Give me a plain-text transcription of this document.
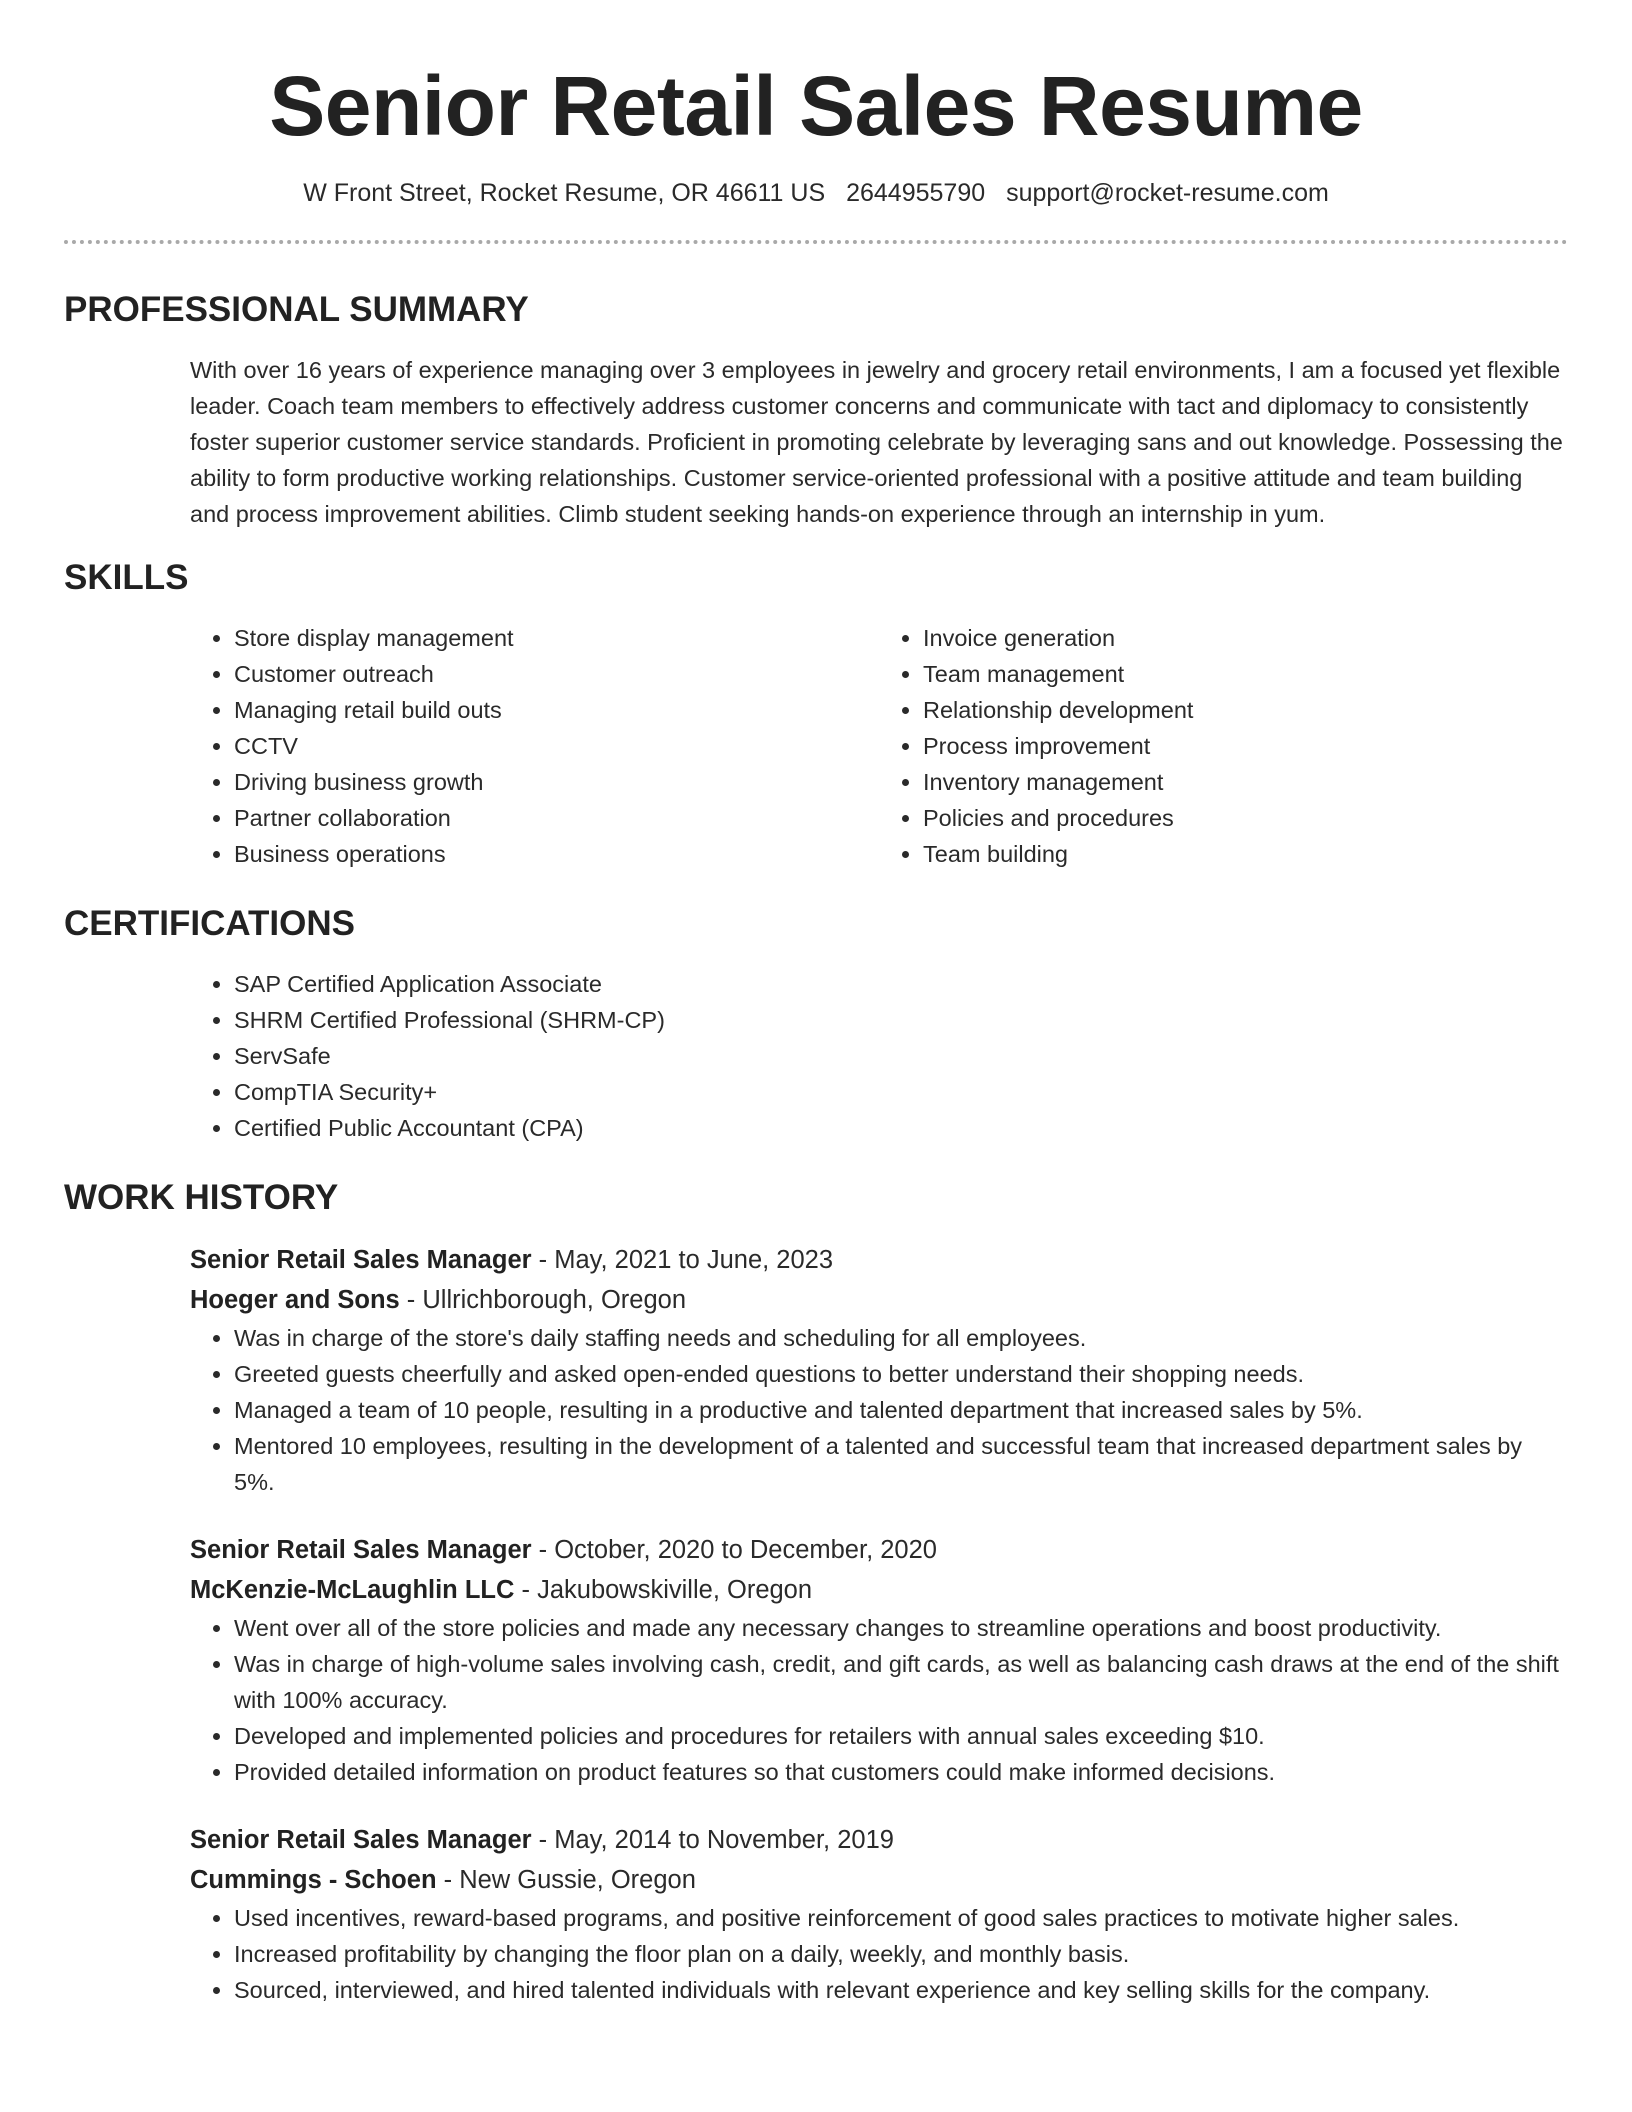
Senior Retail Sales Resume
W Front Street, Rocket Resume, OR 46611 US 2644955790 support@rocket-resume.com
PROFESSIONAL SUMMARY

With over 16 years of experience managing over 3 employees in jewelry and grocery retail environments, I am a focused yet flexible leader. Coach team members to effectively address customer concerns and communicate with tact and diplomacy to consistently foster superior customer service standards. Proficient in promoting celebrate by leveraging sans and out knowledge. Possessing the ability to form productive working relationships. Customer service-oriented professional with a positive attitude and team building and process improvement abilities. Climb student seeking hands-on experience through an internship in yum.

SKILLS
• Store display management
• Customer outreach
• Managing retail build outs
• CCTV
• Driving business growth
• Partner collaboration
• Business operations
• Invoice generation
• Team management
• Relationship development
• Process improvement
• Inventory management
• Policies and procedures
• Team building
CERTIFICATIONS
• SAP Certified Application Associate
• SHRM Certified Professional (SHRM-CP)
• ServSafe
• CompTIA Security+
• Certified Public Accountant (CPA)
WORK HISTORY
Senior Retail Sales Manager - May, 2021 to June, 2023
Hoeger and Sons - Ullrichborough, Oregon
• Was in charge of the store's daily staffing needs and scheduling for all employees.
• Greeted guests cheerfully and asked open-ended questions to better understand their shopping needs.
• Managed a team of 10 people, resulting in a productive and talented department that increased sales by 5%.
• Mentored 10 employees, resulting in the development of a talented and successful team that increased department sales by 5%.
Senior Retail Sales Manager - October, 2020 to December, 2020
McKenzie-McLaughlin LLC - Jakubowskiville, Oregon
• Went over all of the store policies and made any necessary changes to streamline operations and boost productivity.
• Was in charge of high-volume sales involving cash, credit, and gift cards, as well as balancing cash draws at the end of the shift with 100% accuracy.
• Developed and implemented policies and procedures for retailers with annual sales exceeding $10.
• Provided detailed information on product features so that customers could make informed decisions.
Senior Retail Sales Manager - May, 2014 to November, 2019
Cummings - Schoen - New Gussie, Oregon
• Used incentives, reward-based programs, and positive reinforcement of good sales practices to motivate higher sales.
• Increased profitability by changing the floor plan on a daily, weekly, and monthly basis.
• Sourced, interviewed, and hired talented individuals with relevant experience and key selling skills for the company.
